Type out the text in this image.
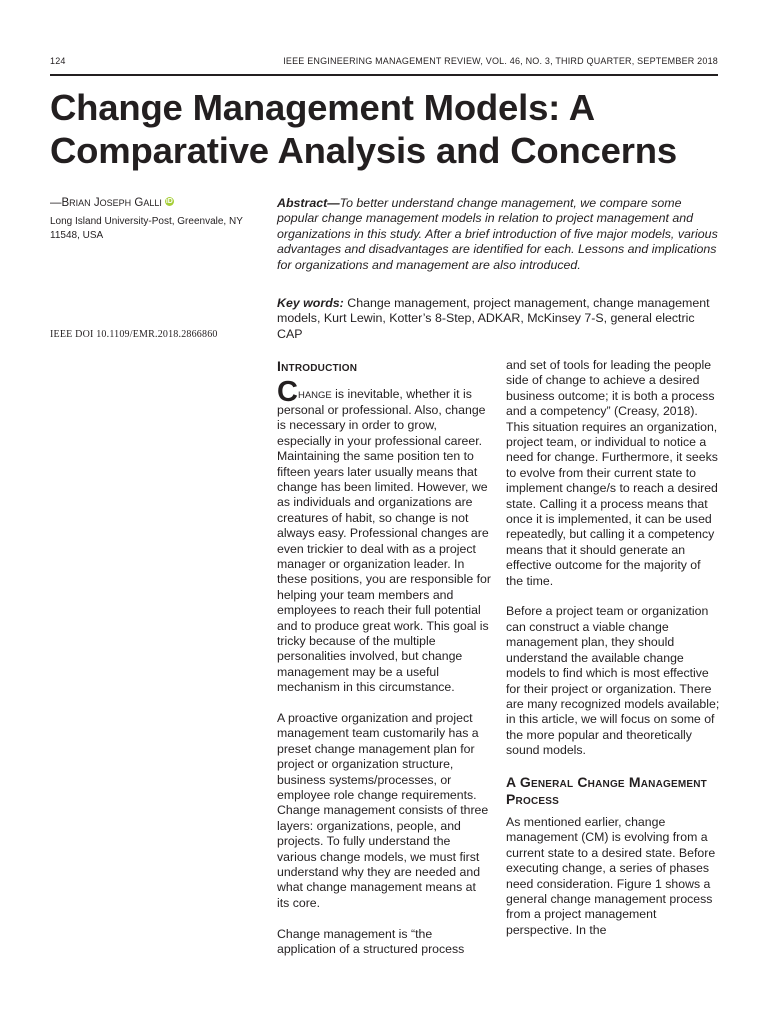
124	IEEE ENGINEERING MANAGEMENT REVIEW, VOL. 46, NO. 3, THIRD QUARTER, SEPTEMBER 2018
Change Management Models: A Comparative Analysis and Concerns
—BRIAN JOSEPH GALLI iD
Long Island University-Post, Greenvale, NY 11548, USA
IEEE DOI 10.1109/EMR.2018.2866860

Abstract—To better understand change management, we compare some popular change management models in relation to project management and organizations in this study. After a brief introduction of five major models, various advantages and disadvantages are identified for each. Lessons and implications for organizations and management are also introduced.

Key words: Change management, project management, change management models, Kurt Lewin, Kotter’s 8-Step, ADKAR, McKinsey 7-S, general electric CAP

Introduction

CHANGE is inevitable, whether it is personal or professional. Also, change is necessary in order to grow, especially in your professional career. Maintaining the same position ten to fifteen years later usually means that change has been limited. However, we as individuals and organizations are creatures of habit, so change is not always easy. Professional changes are even trickier to deal with as a project manager or organization leader. In these positions, you are responsible for helping your team members and employees to reach their full potential and to produce great work. This goal is tricky because of the multiple personalities involved, but change management may be a useful mechanism in this circumstance.

A proactive organization and project management team customarily has a preset change management plan for project or organization structure, business systems/processes, or employee role change requirements. Change management consists of three layers: organizations, people, and projects. To fully understand the various change models, we must first understand why they are needed and what change management means at its core.

Change management is “the application of a structured process

and set of tools for leading the people side of change to achieve a desired business outcome; it is both a process and a competency” (Creasy, 2018). This situation requires an organization, project team, or individual to notice a need for change. Furthermore, it seeks to evolve from their current state to implement change/s to reach a desired state. Calling it a process means that once it is implemented, it can be used repeatedly, but calling it a competency means that it should generate an effective outcome for the majority of the time.

Before a project team or organization can construct a viable change management plan, they should understand the available change models to find which is most effective for their project or organization. There are many recognized models available; in this article, we will focus on some of the more popular and theoretically sound models.

A General Change Management Process

As mentioned earlier, change management (CM) is evolving from a current state to a desired state. Before executing change, a series of phases need consideration. Figure 1 shows a general change management process from a project management perspective. In the
